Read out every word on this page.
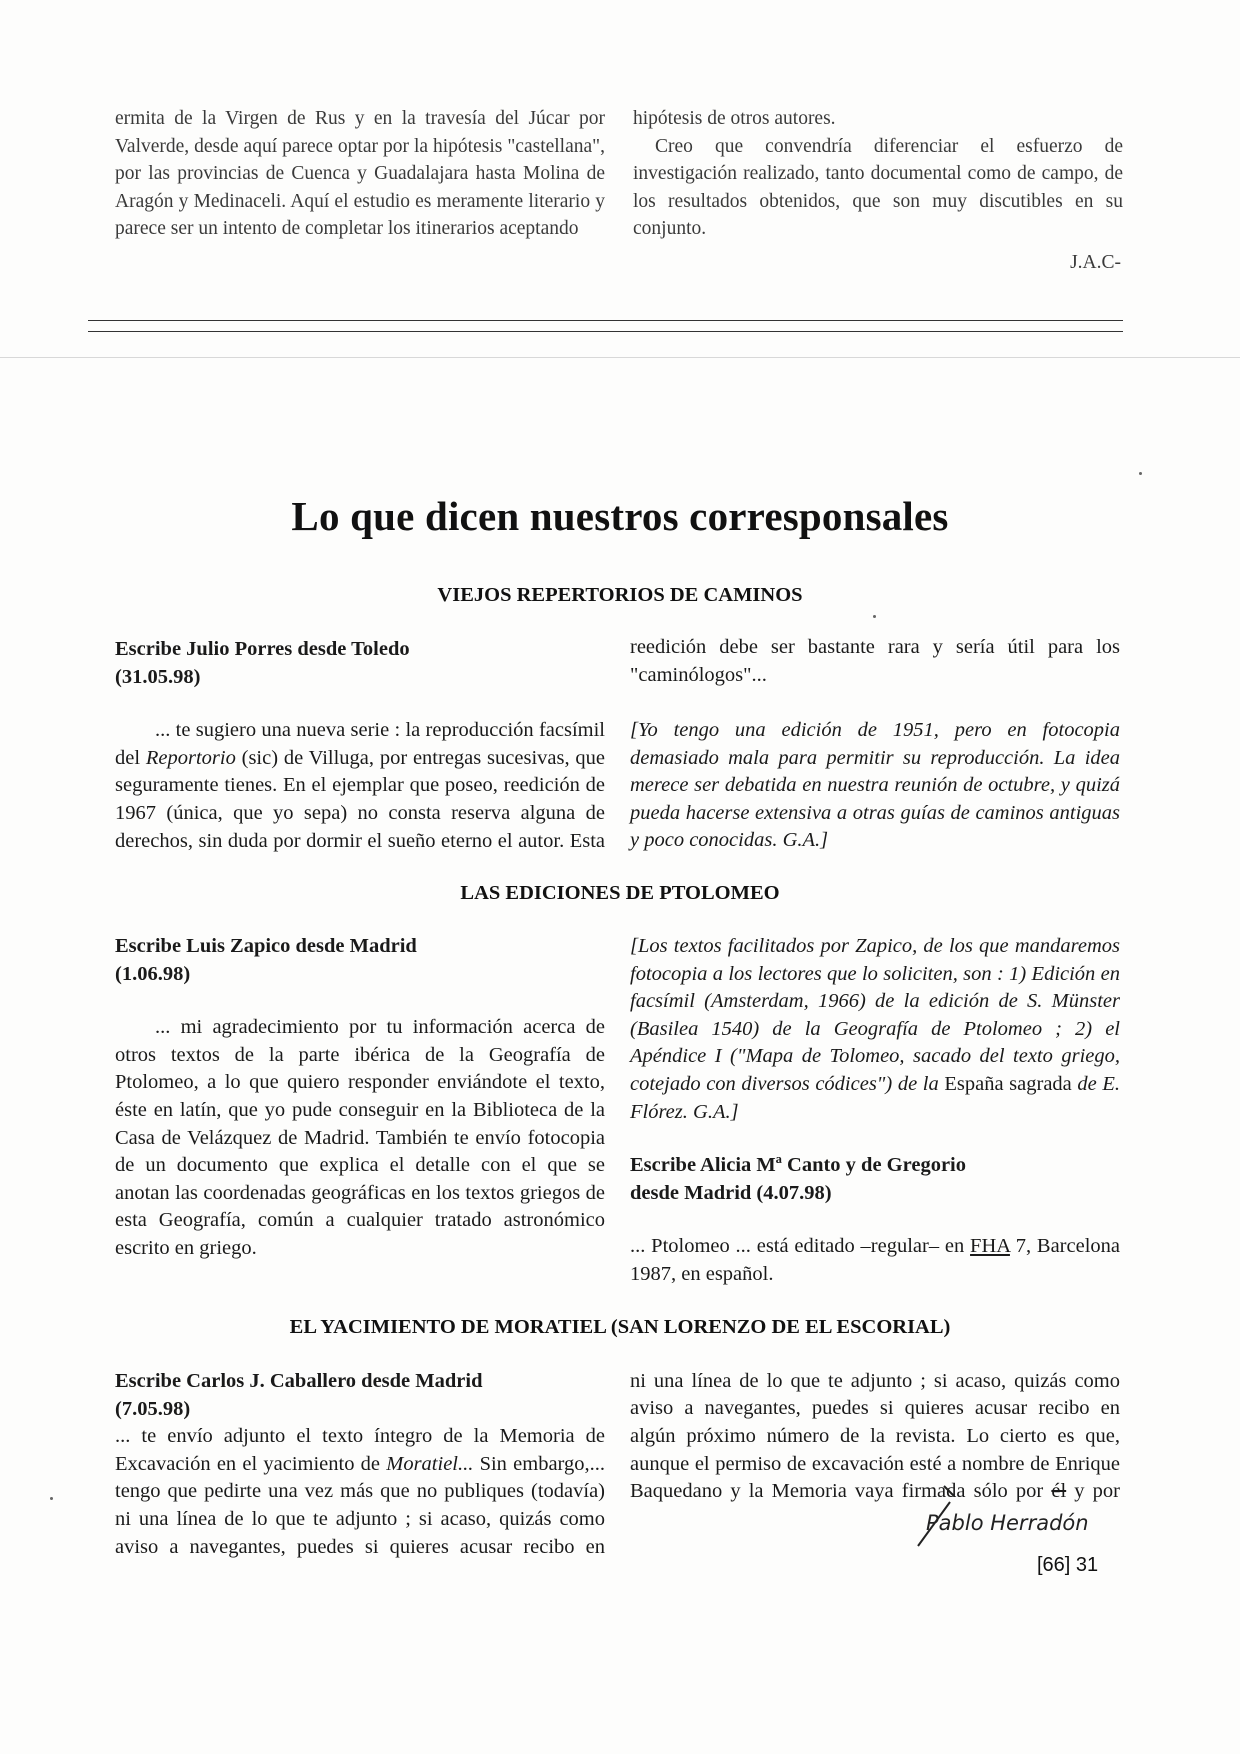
ermita de la Virgen de Rus y en la travesía del Júcar por Valverde, desde aquí parece optar por la hipótesis "castellana", por las provincias de Cuenca y Guadalajara hasta Molina de Aragón y Medinaceli. Aquí el estudio es meramente literario y parece ser un intento de completar los itinerarios aceptando

hipótesis de otros autores.

Creo que convendría diferenciar el esfuerzo de investigación realizado, tanto documental como de campo, de los resultados obtenidos, que son muy discutibles en su conjunto.

J.A.C-

Lo que dicen nuestros corresponsales
VIEJOS REPERTORIOS DE CAMINOS
Escribe Julio Porres desde Toledo
(31.05.98)

... te sugiero una nueva serie : la reproducción facsímil del Reportorio (sic) de Villuga, por entregas sucesivas, que seguramente tienes. En el ejemplar que poseo, reedición de 1967 (única, que yo sepa) no consta reserva alguna de derechos, sin duda por dormir el sueño eterno el autor. Esta

reedición debe ser bastante rara y sería útil para los "caminólogos"...

[Yo tengo una edición de 1951, pero en fotocopia demasiado mala para permitir su reproducción. La idea merece ser debatida en nuestra reunión de octubre, y quizá pueda hacerse extensiva a otras guías de caminos antiguas y poco conocidas. G.A.]

LAS EDICIONES DE PTOLOMEO
Escribe Luis Zapico desde Madrid
(1.06.98)

... mi agradecimiento por tu información acerca de otros textos de la parte ibérica de la Geografía de Ptolomeo, a lo que quiero responder enviándote el texto, éste en latín, que yo pude conseguir en la Biblioteca de la Casa de Velázquez de Madrid. También te envío fotocopia de un documento que explica el detalle con el que se anotan las coordenadas geográficas en los textos griegos de esta Geografía, común a cualquier tratado astronómico escrito en griego.

[Los textos facilitados por Zapico, de los que mandaremos fotocopia a los lectores que lo soliciten, son : 1) Edición en facsímil (Amsterdam, 1966) de la edición de S. Münster (Basilea 1540) de la Geografía de Ptolomeo ; 2) el Apéndice I ("Mapa de Tolomeo, sacado del texto griego, cotejado con diversos códices") de la España sagrada de E. Flórez. G.A.]

Escribe Alicia Mª Canto y de Gregorio
desde Madrid (4.07.98)

... Ptolomeo ... está editado –regular– en FHA 7, Barcelona 1987, en español.

EL YACIMIENTO DE MORATIEL (SAN LORENZO DE EL ESCORIAL)
Escribe Carlos J. Caballero desde Madrid
(7.05.98)

... te envío adjunto el texto íntegro de la Memoria de Excavación en el yacimiento de Moratiel... Sin embargo,... tengo que pedirte una vez más que no publiques (todavía) ni una línea de lo que te adjunto ; si acaso, quizás como aviso a navegantes, puedes si quieres acusar recibo en

ni una línea de lo que te adjunto ; si acaso, quizás como aviso a navegantes, puedes si quieres acusar recibo en algún próximo número de la revista. Lo cierto es que, aunque el permiso de excavación esté a nombre de Enrique Baquedano y la Memoria vaya firmada sólo por él y por

Pablo Herradón
[66] 31
